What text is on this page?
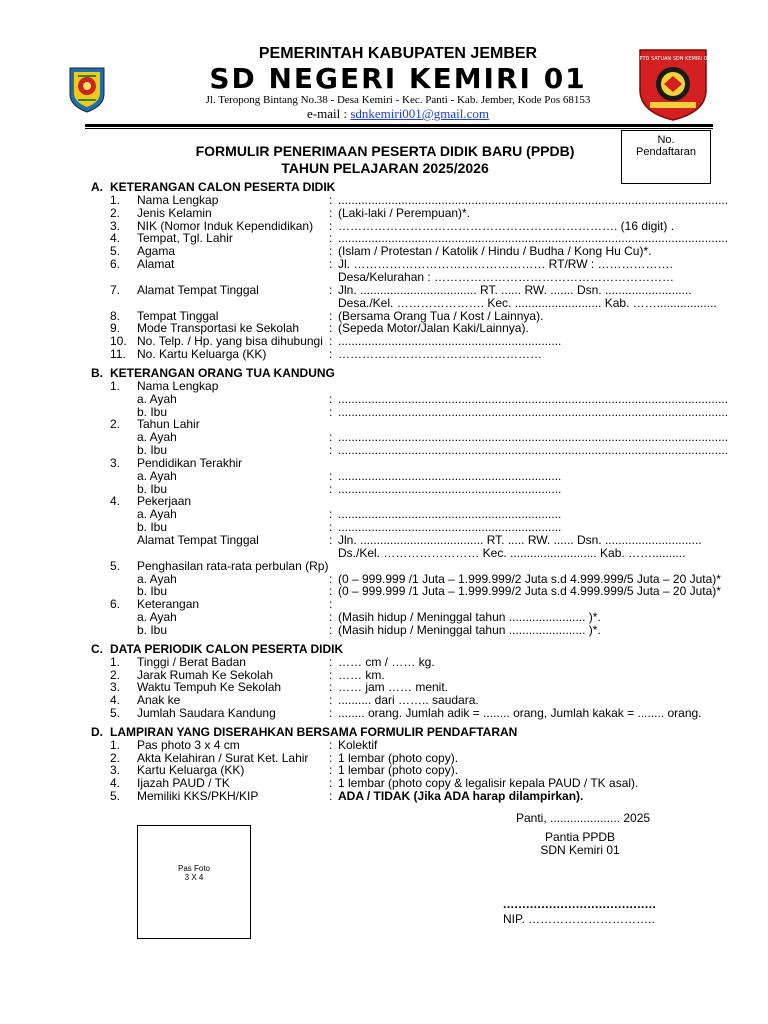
UPTD SATUAN SDN KEMIRI 01
PEMERINTAH KABUPATEN JEMBER
SD NEGERI KEMIRI 01
Jl. Teropong Bintang No.38 - Desa Kemiri - Kec. Panti - Kab. Jember, Kode Pos 68153
e-mail : sdnkemiri001@gmail.com
No.
Pendaftaran
FORMULIR PENERIMAAN PESERTA DIDIK BARU (PPDB)
TAHUN PELAJARAN 2025/2026
A. KETERANGAN CALON PESERTA DIDIK
1. Nama Lengkap	: .....................................................................................................................
2. Jenis Kelamin	: (Laki-laki / Perempuan)*.
3. NIK (Nomor Induk Kependidikan) : ……………………………………………………………. (16 digit) .
4. Tempat, Tgl. Lahir	: .....................................................................................................................
5. Agama	: (Islam / Protestan / Katolik / Hindu / Budha / Kong Hu Cu)*.
6. Alamat	: Jl. ………………………………………… RT/RW : ……………….
Desa/Kelurahan : ……………………………………………………
7. Alamat Tempat Tinggal	: Jln. ................................... RT. ...... RW. ....... Dsn. ..........................
Desa./Kel. …………………. Kec. .......................... Kab. ……..................
8. Tempat Tinggal	: (Bersama Orang Tua / Kost / Lainnya).
9. Mode Transportasi ke Sekolah : (Sepeda Motor/Jalan Kaki/Lainnya).
10. No. Telp. / Hp. yang bisa dihubungi : ...................................................................
11. No. Kartu Keluarga (KK)	: ……………………………………………
B. KETERANGAN ORANG TUA KANDUNG
1. Nama Lengkap
a. Ayah	: .....................................................................................................................
b. Ibu	: .....................................................................................................................
2. Tahun Lahir
a. Ayah	: .....................................................................................................................
b. Ibu	: .....................................................................................................................
3. Pendidikan Terakhir
a. Ayah	: ...................................................................
b. Ibu	: ...................................................................
4. Pekerjaan
a. Ayah	: ...................................................................
b. Ibu	: ...................................................................
Alamat Tempat Tinggal	: Jln. ..................................... RT. ..... RW. ...... Dsn. .............................
Ds./Kel. …………………… Kec. .......................... Kab. ……..........
5. Penghasilan rata-rata perbulan (Rp)
a. Ayah	: (0 – 999.999 /1 Juta – 1.999.999/2 Juta s.d 4.999.999/5 Juta – 20 Juta)*
b. Ibu	: (0 – 999.999 /1 Juta – 1.999.999/2 Juta s.d 4.999.999/5 Juta – 20 Juta)*
6. Keterangan	:
a. Ayah	: (Masih hidup / Meninggal tahun ....................... )*.
b. Ibu	: (Masih hidup / Meninggal tahun ....................... )*.
C. DATA PERIODIK CALON PESERTA DIDIK
1. Tinggi / Berat Badan	: …… cm / …… kg.
2. Jarak Rumah Ke Sekolah	: …… km.
3. Waktu Tempuh Ke Sekolah	: …… jam …… menit.
4. Anak ke	: .......... dari …….. saudara.
5. Jumlah Saudara Kandung	: ........ orang. Jumlah adik = ........ orang, Jumlah kakak = ........ orang.
D. LAMPIRAN YANG DISERAHKAN BERSAMA FORMULIR PENDAFTARAN
1. Pas photo 3 x 4 cm	: Kolektif
2. Akta Kelahiran / Surat Ket. Lahir : 1 lembar (photo copy).
3. Kartu Keluarga (KK)	: 1 lembar (photo copy).
4. Ijazah PAUD / TK	: 1 lembar (photo copy & legalisir kepala PAUD / TK asal).
5. Memiliki KKS/PKH/KIP	: ADA / TIDAK (Jika ADA harap dilampirkan).
Pas Foto
3 X 4
Panti, ..................... 2025
Pantia PPDB
SDN Kemiri 01
........................................
NIP. …………………………..
